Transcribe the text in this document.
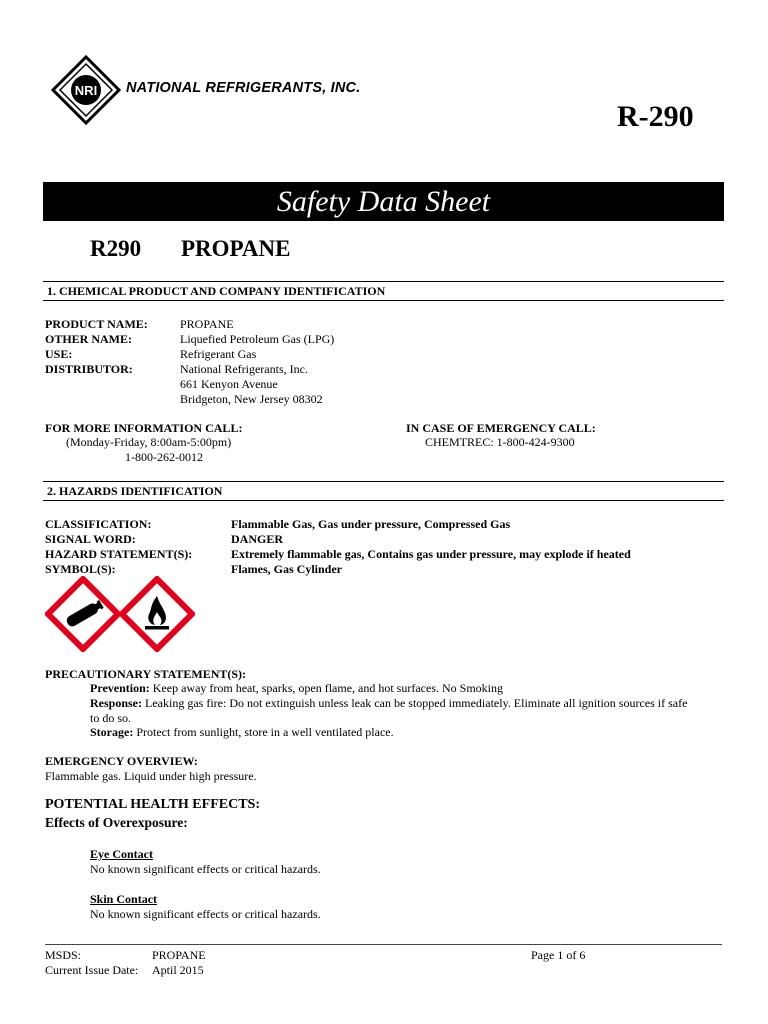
NRI NATIONAL REFRIGERANTS, INC.
R-290
Safety Data Sheet
R290 PROPANE
1. CHEMICAL PRODUCT AND COMPANY IDENTIFICATION
PRODUCT NAME:	PROPANE
OTHER NAME:	Liquefied Petroleum Gas (LPG)
USE:	Refrigerant Gas
DISTRIBUTOR:	National Refrigerants, Inc.
661 Kenyon Avenue
Bridgeton, New Jersey 08302
FOR MORE INFORMATION CALL:
(Monday-Friday, 8:00am-5:00pm)
1-800-262-0012
IN CASE OF EMERGENCY CALL:
CHEMTREC: 1-800-424-9300
2. HAZARDS IDENTIFICATION
CLASSIFICATION:	Flammable Gas, Gas under pressure, Compressed Gas
SIGNAL WORD:	DANGER
HAZARD STATEMENT(S):	Extremely flammable gas, Contains gas under pressure, may explode if heated
SYMBOL(S):	Flames, Gas Cylinder
PRECAUTIONARY STATEMENT(S):
Prevention: Keep away from heat, sparks, open flame, and hot surfaces. No Smoking
Response: Leaking gas fire: Do not extinguish unless leak can be stopped immediately. Eliminate all ignition sources if safe
to do so.
Storage: Protect from sunlight, store in a well ventilated place.
EMERGENCY OVERVIEW:
Flammable gas. Liquid under high pressure.
POTENTIAL HEALTH EFFECTS:
Effects of Overexposure:
Eye Contact
No known significant effects or critical hazards.
Skin Contact
No known significant effects or critical hazards.
MSDS:	PROPANE	Page 1 of 6
Current Issue Date: Aptil 2015
